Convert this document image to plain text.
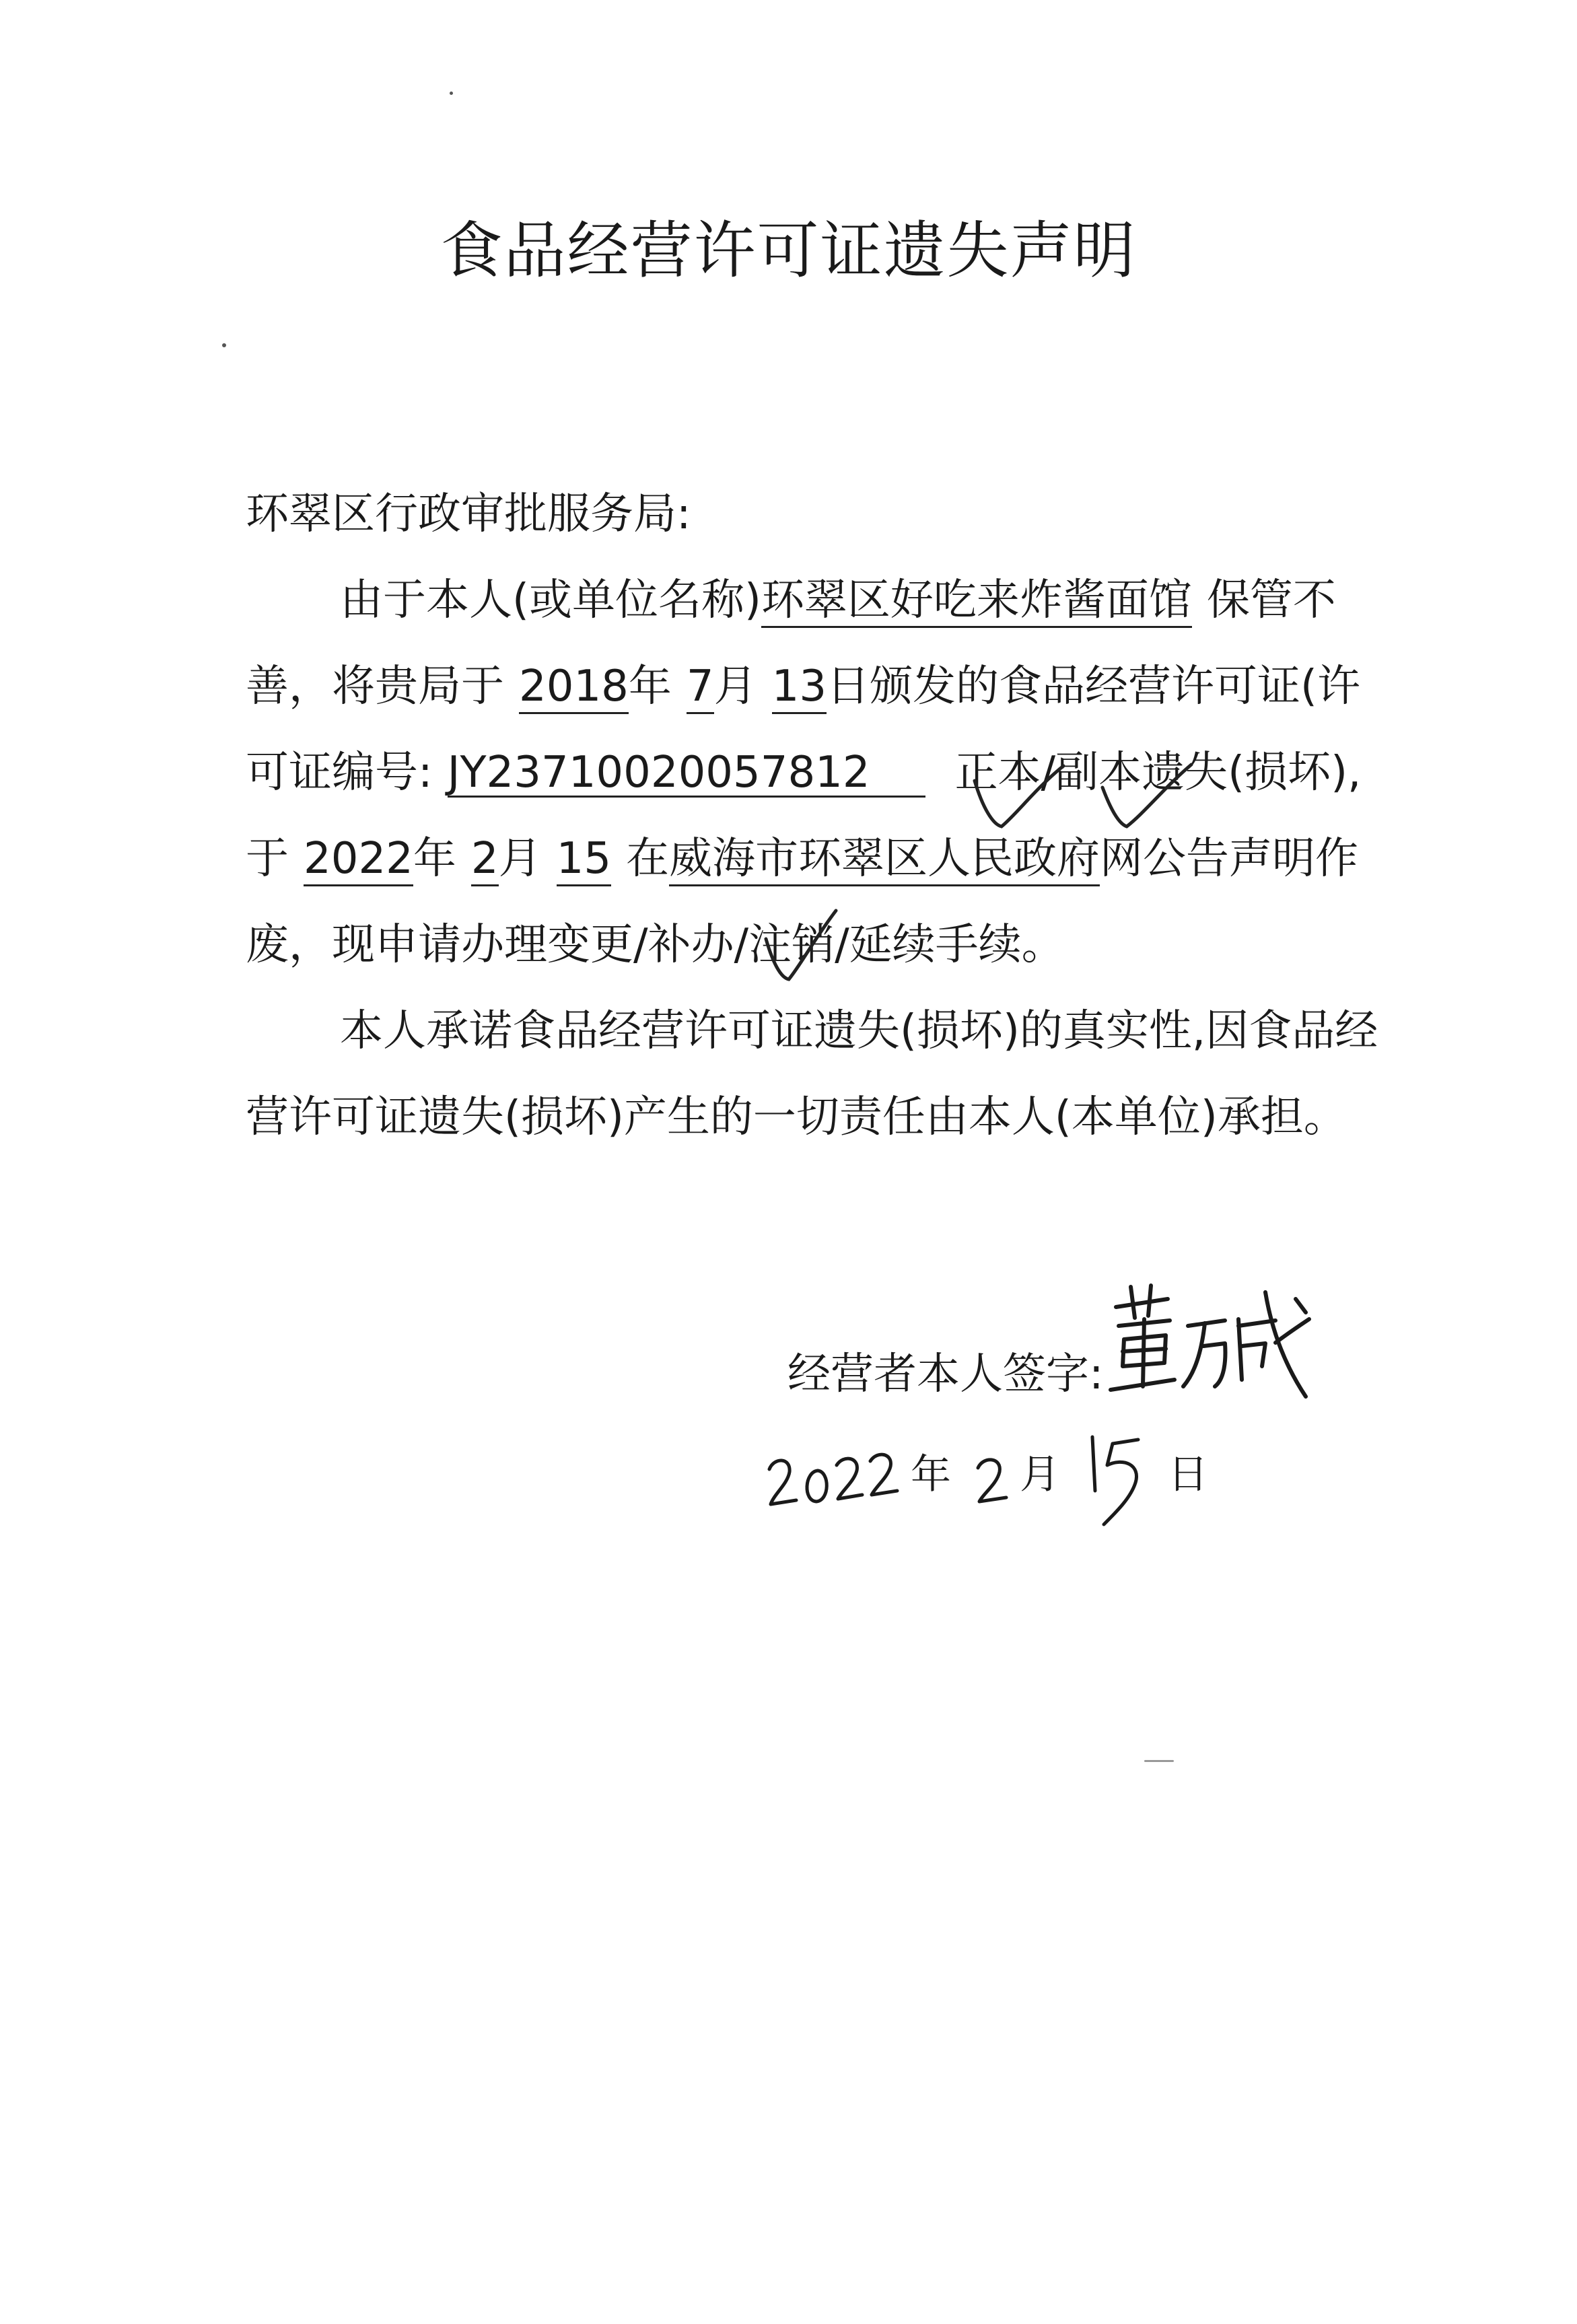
食品经营许可证遗失声明
环翠区行政审批服务局:
由于本人(或单位名称)环翠区好吃来炸酱面馆 保管不
善，将贵局于 2018年 7月 13日颁发的食品经营许可证(许
可证编号: JY23710020057812 正本/副本遗失(损坏),
于 2022年 2月 15 在威海市环翠区人民政府网公告声明作
废，现申请办理变更/补办/注销/延续手续。
本人承诺食品经营许可证遗失(损坏)的真实性,因食品经
营许可证遗失(损坏)产生的一切责任由本人(本单位)承担。
经营者本人签字:
年 月	日
